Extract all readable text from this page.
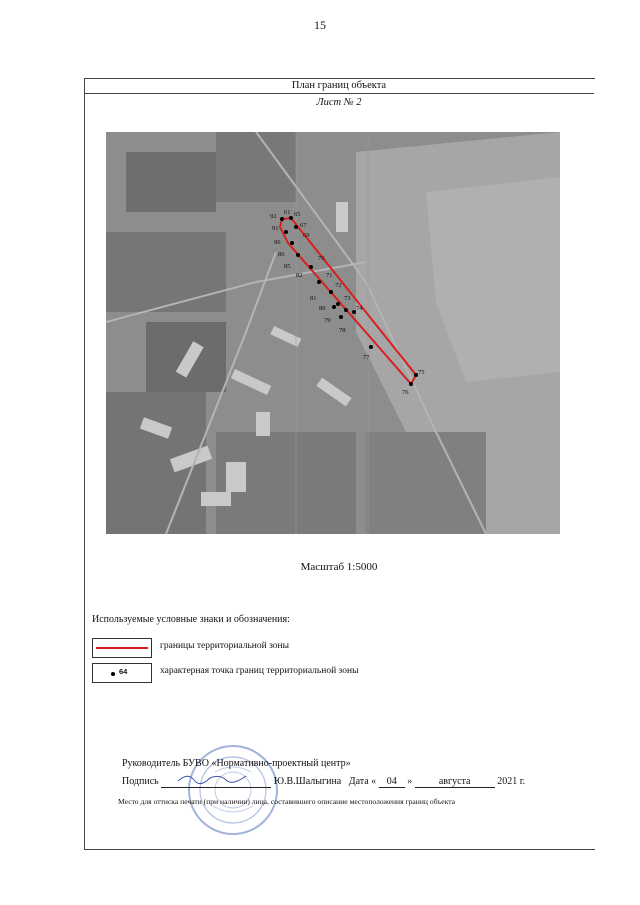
15
План границ объекта
Лист № 2
92
61 65
91	67
69
90
86
85
70
82	71
72
81	73
80	74
79
78
77
75
76
Масштаб 1:5000
Используемые условные знаки и обозначения:
границы территориальной зоны
64	характерная точка границ территориальной зоны
Руководитель БУВО «Нормативно-проектный центр»
Подпись	Ю.В.Шалыгина Дата « 04 »	августа	2021 г.
Место для оттиска печати (при наличии) лица, составившего описание местоположения границ объекта
